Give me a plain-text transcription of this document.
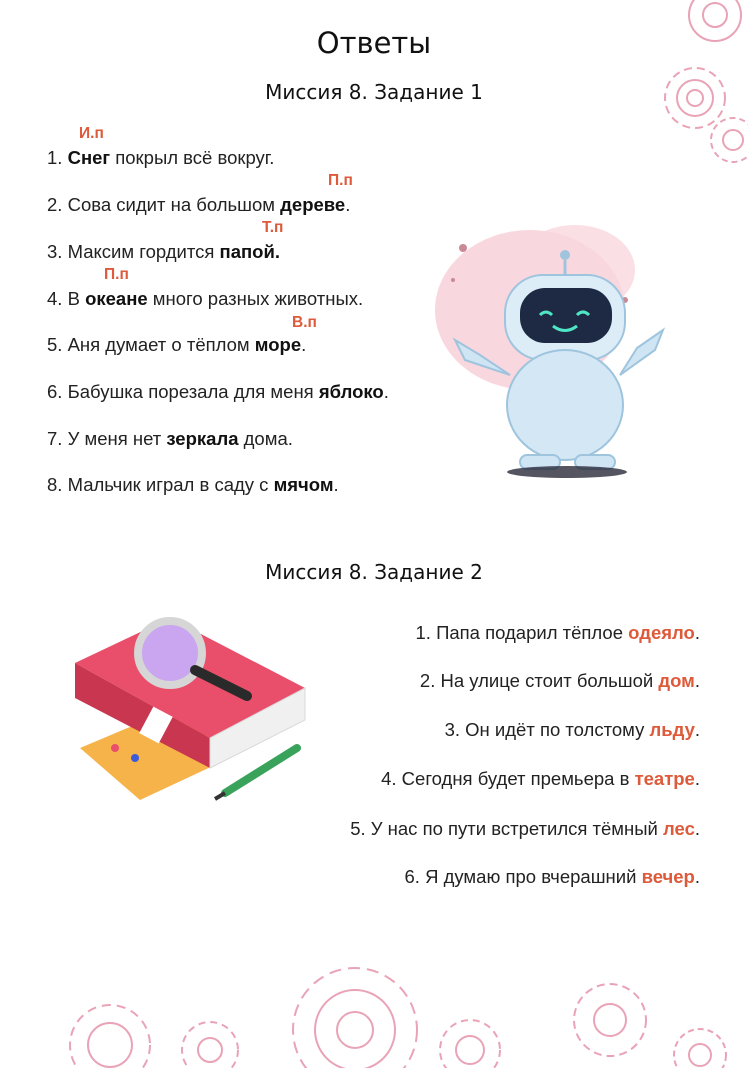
Ответы
Миссия 8. Задание 1
И.п
П.п
Т.п
П.п
В.п
1. Снег покрыл всё вокруг.
2. Сова сидит на большом дереве.
3. Максим гордится папой.
4. В океане много разных животных.
5. Аня думает о тёплом море.
6. Бабушка порезала для меня яблоко.
7. У меня нет зеркала дома.
8. Мальчик играл в саду с мячом.
Миссия 8. Задание 2
1. Папа подарил тёплое одеяло.
2. На улице стоит большой дом.
3. Он идёт по толстому льду.
4. Сегодня будет премьера в театре.
5. У нас по пути встретился тёмный лес.
6. Я думаю про вчерашний вечер.
